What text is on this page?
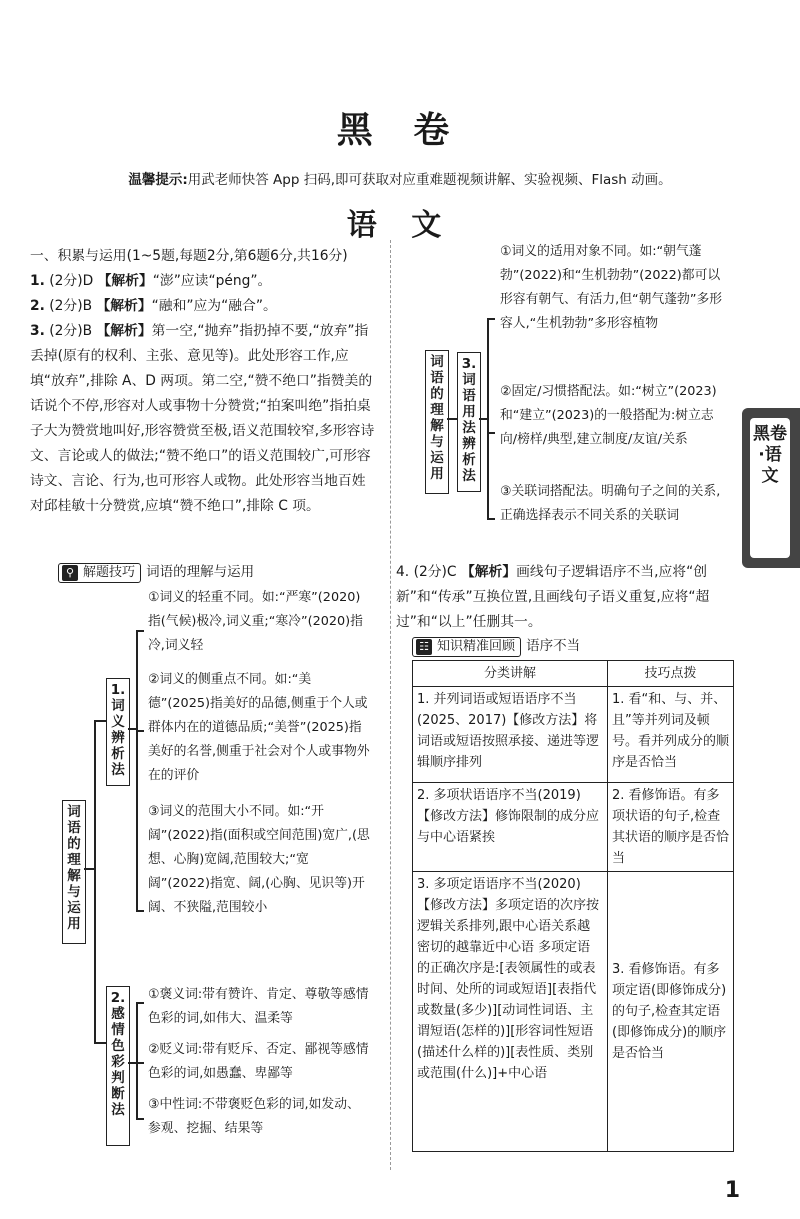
黑 卷
温馨提示:用武老师快答 App 扫码,即可获取对应重难题视频讲解、实验视频、Flash 动画。
语 文
一、积累与运用(1~5题,每题2分,第6题6分,共16分)
1. (2分)D 【解析】“澎”应读“péng”。
2. (2分)B 【解析】“融和”应为“融合”。
3. (2分)B 【解析】第一空,“抛弃”指扔掉不要,“放弃”指丢掉(原有的权利、主张、意见等)。此处形容工作,应填“放弃”,排除 A、D 两项。第二空,“赞不绝口”指赞美的话说个不停,形容对人或事物十分赞赏;“拍案叫绝”指拍桌子大为赞赏地叫好,形容赞赏至极,语义范围较窄,多形容诗文、言论或人的做法;“赞不绝口”的语义范围较广,可形容诗文、言论、行为,也可形容人或物。此处形容当地百姓对邱桂敏十分赞赏,应填“赞不绝口”,排除 C 项。
⚲ 解题技巧 词语的理解与运用
词语的理解与运用
1.词义辨析法
①词义的轻重不同。如:“严寒”(2020)指(气候)极冷,词义重;“寒冷”(2020)指冷,词义轻
②词义的侧重点不同。如:“美德”(2025)指美好的品德,侧重于个人或群体内在的道德品质;“美誉”(2025)指美好的名誉,侧重于社会对个人或事物外在的评价
③词义的范围大小不同。如:“开阔”(2022)指(面积或空间范围)宽广,(思想、心胸)宽阔,范围较大;“宽阔”(2022)指宽、阔,(心胸、见识等)开阔、不狭隘,范围较小
2.感情色彩判断法
①褒义词:带有赞许、肯定、尊敬等感情色彩的词,如伟大、温柔等
②贬义词:带有贬斥、否定、鄙视等感情色彩的词,如愚蠢、卑鄙等
③中性词:不带褒贬色彩的词,如发动、参观、挖掘、结果等
词语的理解与运用
3.词语用法辨析法
①词义的适用对象不同。如:“朝气蓬勃”(2022)和“生机勃勃”(2022)都可以形容有朝气、有活力,但“朝气蓬勃”多形容人,“生机勃勃”多形容植物
②固定/习惯搭配法。如:“树立”(2023)和“建立”(2023)的一般搭配为:树立志向/榜样/典型,建立制度/友谊/关系
③关联词搭配法。明确句子之间的关系,正确选择表示不同关系的关联词
4. (2分)C 【解析】画线句子逻辑语序不当,应将“创新”和“传承”互换位置,且画线句子语义重复,应将“超过”和“以上”任删其一。
☷ 知识精准回顾 语序不当
分类讲解	技巧点拨
1. 并列词语或短语语序不当(2025、2017)【修改方法】将词语或短语按照承接、递进等逻辑顺序排列	1. 看“和、与、并、且”等并列词及顿号。看并列成分的顺序是否恰当
2. 多项状语语序不当(2019)【修改方法】修饰限制的成分应与中心语紧挨	2. 看修饰语。有多项状语的句子,检查其状语的顺序是否恰当
3. 多项定语语序不当(2020)【修改方法】多项定语的次序按逻辑关系排列,跟中心语关系越密切的越靠近中心语 多项定语的正确次序是:[表领属性的或表时间、处所的词或短语][表指代或数量(多少)][动词性词语、主谓短语(怎样的)][形容词性短语(描述什么样的)][表性质、类别或范围(什么)]+中心语	3. 看修饰语。有多项定语(即修饰成分)的句子,检查其定语(即修饰成分)的顺序是否恰当
黑卷·语文
1
